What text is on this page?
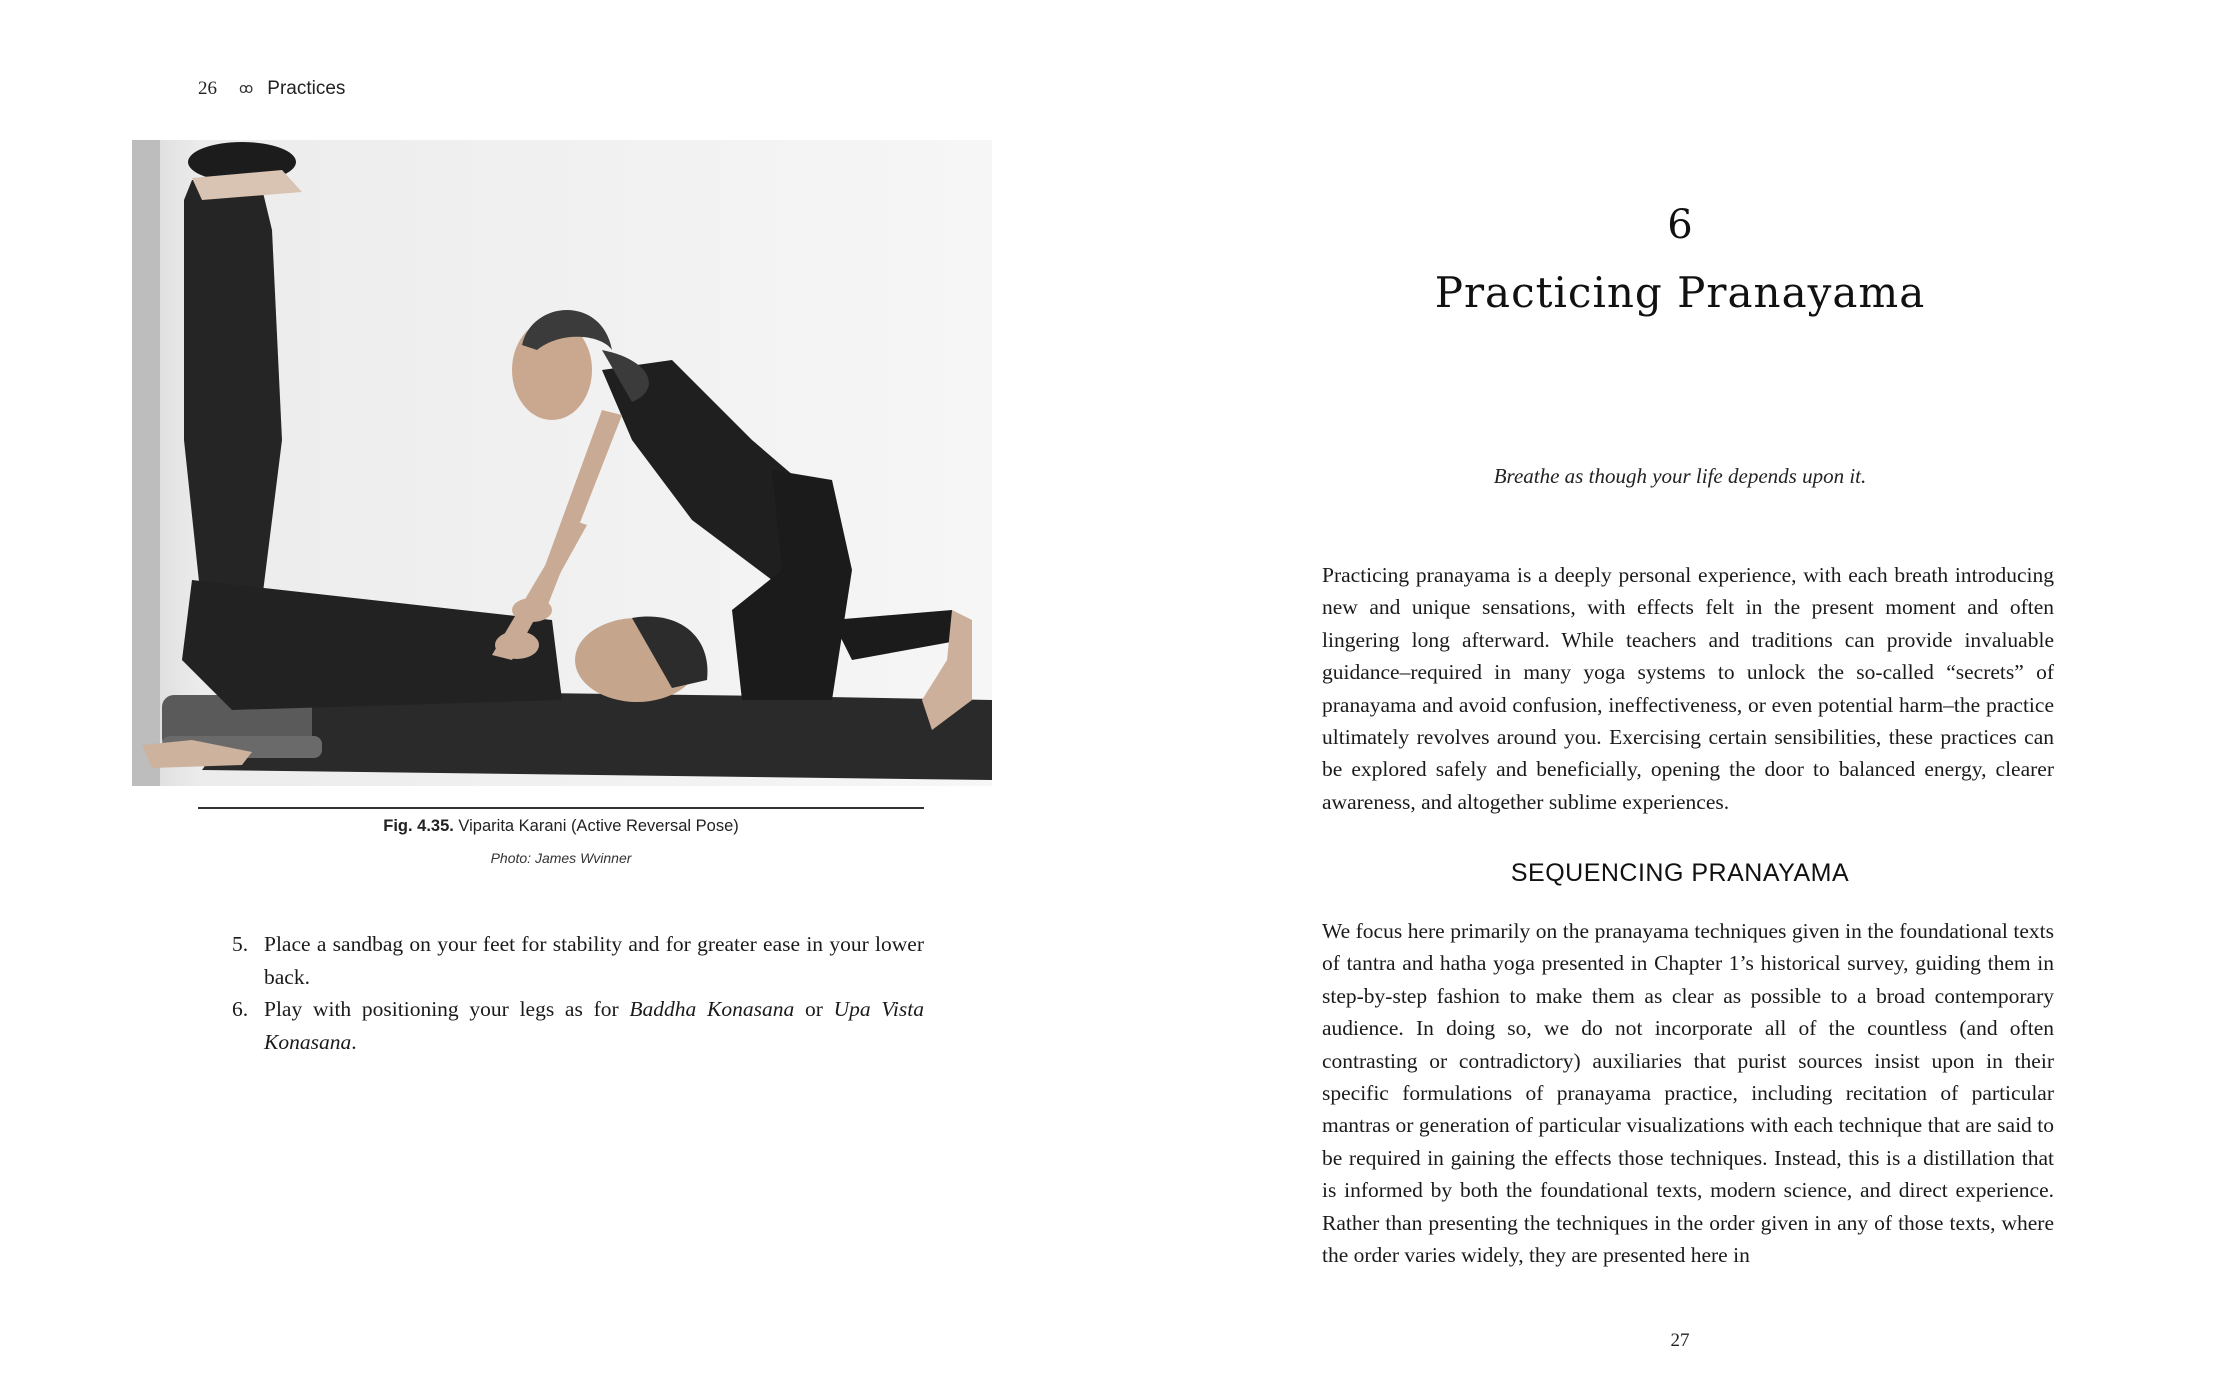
26 ꝏ Practices
Fig. 4.35. Viparita Karani (Active Reversal Pose)
Photo: James Wvinner
5. Place a sandbag on your feet for stability and for greater ease in your lower back.
6. Play with positioning your legs as for Baddha Konasana or Upa Vista Konasana.
6
Practicing Pranayama
Breathe as though your life depends upon it.

Practicing pranayama is a deeply personal experience, with each breath introducing new and unique sensations, with effects felt in the present moment and often lingering long afterward. While teachers and traditions can provide invaluable guidance–required in many yoga systems to unlock the so-called “secrets” of pranayama and avoid confusion, ineffectiveness, or even potential harm–the practice ultimately revolves around you. Exercising certain sensibilities, these practices can be explored safely and beneficially, opening the door to balanced energy, clearer awareness, and altogether sublime experiences.

SEQUENCING PRANAYAMA

We focus here primarily on the pranayama techniques given in the foundational texts of tantra and hatha yoga presented in Chapter 1’s historical survey, guiding them in step-by-step fashion to make them as clear as possible to a broad contemporary audience. In doing so, we do not incorporate all of the countless (and often contrasting or contradictory) auxiliaries that purist sources insist upon in their specific formulations of pranayama practice, including recitation of particular mantras or generation of particular visualizations with each technique that are said to be required in gaining the effects those techniques. Instead, this is a distillation that is informed by both the foundational texts, modern science, and direct experience. Rather than presenting the techniques in the order given in any of those texts, where the order varies widely, they are presented here in

27
